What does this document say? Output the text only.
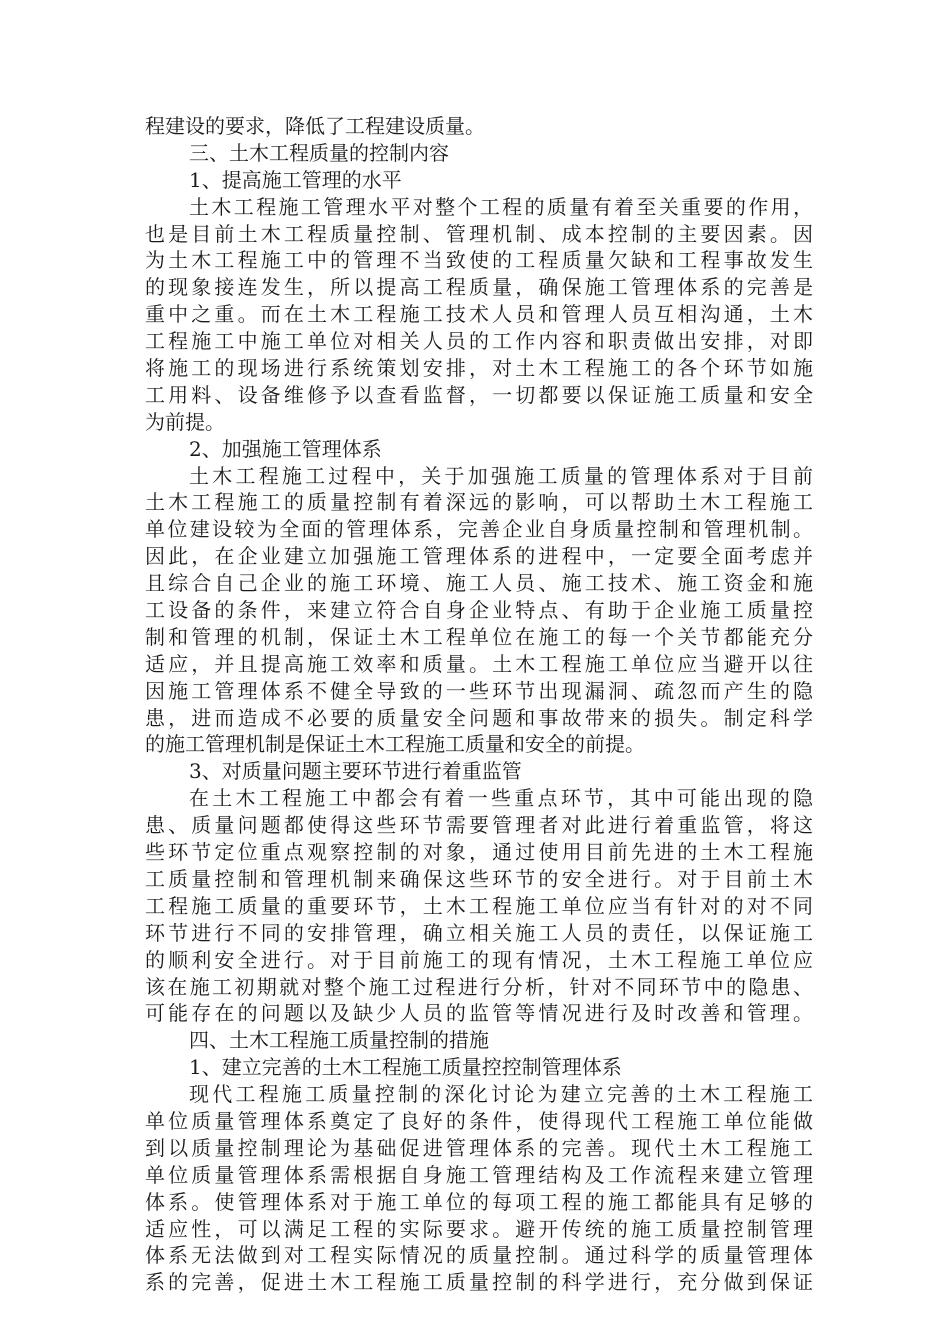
程建设的要求，降低了工程建设质量。
三、土木工程质量的控制内容
1、提高施工管理的水平
土木工程施工管理水平对整个工程的质量有着至关重要的作用，
也是目前土木工程质量控制、管理机制、成本控制的主要因素。因
为土木工程施工中的管理不当致使的工程质量欠缺和工程事故发生
的现象接连发生，所以提高工程质量，确保施工管理体系的完善是
重中之重。而在土木工程施工技术人员和管理人员互相沟通，土木
工程施工中施工单位对相关人员的工作内容和职责做出安排，对即
将施工的现场进行系统策划安排，对土木工程施工的各个环节如施
工用料、设备维修予以查看监督，一切都要以保证施工质量和安全
为前提。
2、加强施工管理体系
土木工程施工过程中，关于加强施工质量的管理体系对于目前
土木工程施工的质量控制有着深远的影响，可以帮助土木工程施工
单位建设较为全面的管理体系，完善企业自身质量控制和管理机制。
因此，在企业建立加强施工管理体系的进程中，一定要全面考虑并
且综合自己企业的施工环境、施工人员、施工技术、施工资金和施
工设备的条件，来建立符合自身企业特点、有助于企业施工质量控
制和管理的机制，保证土木工程单位在施工的每一个关节都能充分
适应，并且提高施工效率和质量。土木工程施工单位应当避开以往
因施工管理体系不健全导致的一些环节出现漏洞、疏忽而产生的隐
患，进而造成不必要的质量安全问题和事故带来的损失。制定科学
的施工管理机制是保证土木工程施工质量和安全的前提。
3、对质量问题主要环节进行着重监管
在土木工程施工中都会有着一些重点环节，其中可能出现的隐
患、质量问题都使得这些环节需要管理者对此进行着重监管，将这
些环节定位重点观察控制的对象，通过使用目前先进的土木工程施
工质量控制和管理机制来确保这些环节的安全进行。对于目前土木
工程施工质量的重要环节，土木工程施工单位应当有针对的对不同
环节进行不同的安排管理，确立相关施工人员的责任，以保证施工
的顺利安全进行。对于目前施工的现有情况，土木工程施工单位应
该在施工初期就对整个施工过程进行分析，针对不同环节中的隐患、
可能存在的问题以及缺少人员的监管等情况进行及时改善和管理。
四、土木工程施工质量控制的措施
1、建立完善的土木工程施工质量控控制管理体系
现代工程施工质量控制的深化讨论为建立完善的土木工程施工
单位质量管理体系奠定了良好的条件，使得现代工程施工单位能做
到以质量控制理论为基础促进管理体系的完善。现代土木工程施工
单位质量管理体系需根据自身施工管理结构及工作流程来建立管理
体系。使管理体系对于施工单位的每项工程的施工都能具有足够的
适应性，可以满足工程的实际要求。避开传统的施工质量控制管理
体系无法做到对工程实际情况的质量控制。通过科学的质量管理体
系的完善，促进土木工程施工质量控制的科学进行，充分做到保证
